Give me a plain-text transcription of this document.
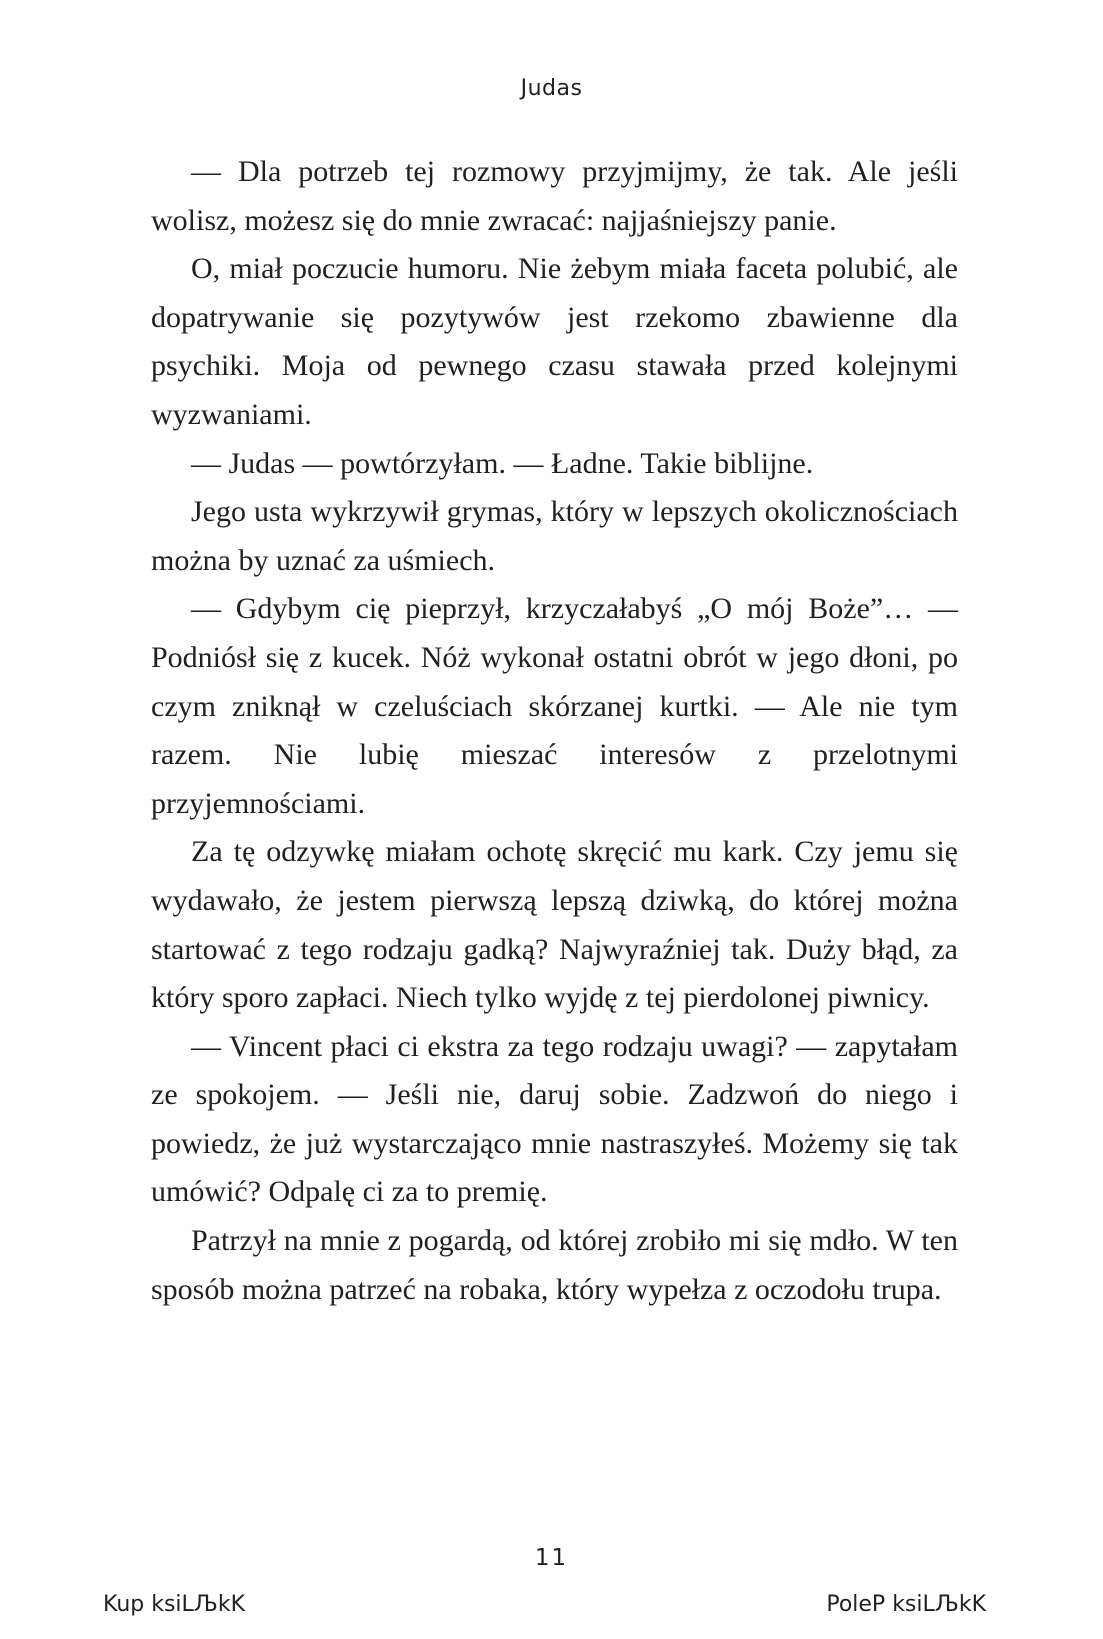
Judas

— Dla potrzeb tej rozmowy przyjmijmy, że tak. Ale jeśli wolisz, możesz się do mnie zwracać: najjaśniejszy panie.

O, miał poczucie humoru. Nie żebym miała faceta polubić, ale dopatrywanie się pozytywów jest rzekomo zbawienne dla psychiki. Moja od pewnego czasu stawała przed kolejnymi wyzwaniami.

— Judas — powtórzyłam. — Ładne. Takie biblijne.

Jego usta wykrzywił grymas, który w lepszych okolicznościach można by uznać za uśmiech.

— Gdybym cię pieprzył, krzyczałabyś „O mój Boże”… — Podniósł się z kucek. Nóż wykonał ostatni obrót w jego dłoni, po czym zniknął w czeluściach skórzanej kurtki. — Ale nie tym razem. Nie lubię mieszać interesów z przelotnymi przyjemnościami.

Za tę odzywkę miałam ochotę skręcić mu kark. Czy jemu się wydawało, że jestem pierwszą lepszą dziwką, do której można startować z tego rodzaju gadką? Najwyraźniej tak. Duży błąd, za który sporo zapłaci. Niech tylko wyjdę z tej pierdolonej piwnicy.

— Vincent płaci ci ekstra za tego rodzaju uwagi? — zapytałam ze spokojem. — Jeśli nie, daruj sobie. Zadzwoń do niego i powiedz, że już wystarczająco mnie nastraszyłeś. Możemy się tak umówić? Odpalę ci za to premię.

Patrzył na mnie z pogardą, od której zrobiło mi się mdło. W ten sposób można patrzeć na robaka, który wypełza z oczodołu trupa.

11
Kup ksiLЉkK	PoleP ksiLЉkK
